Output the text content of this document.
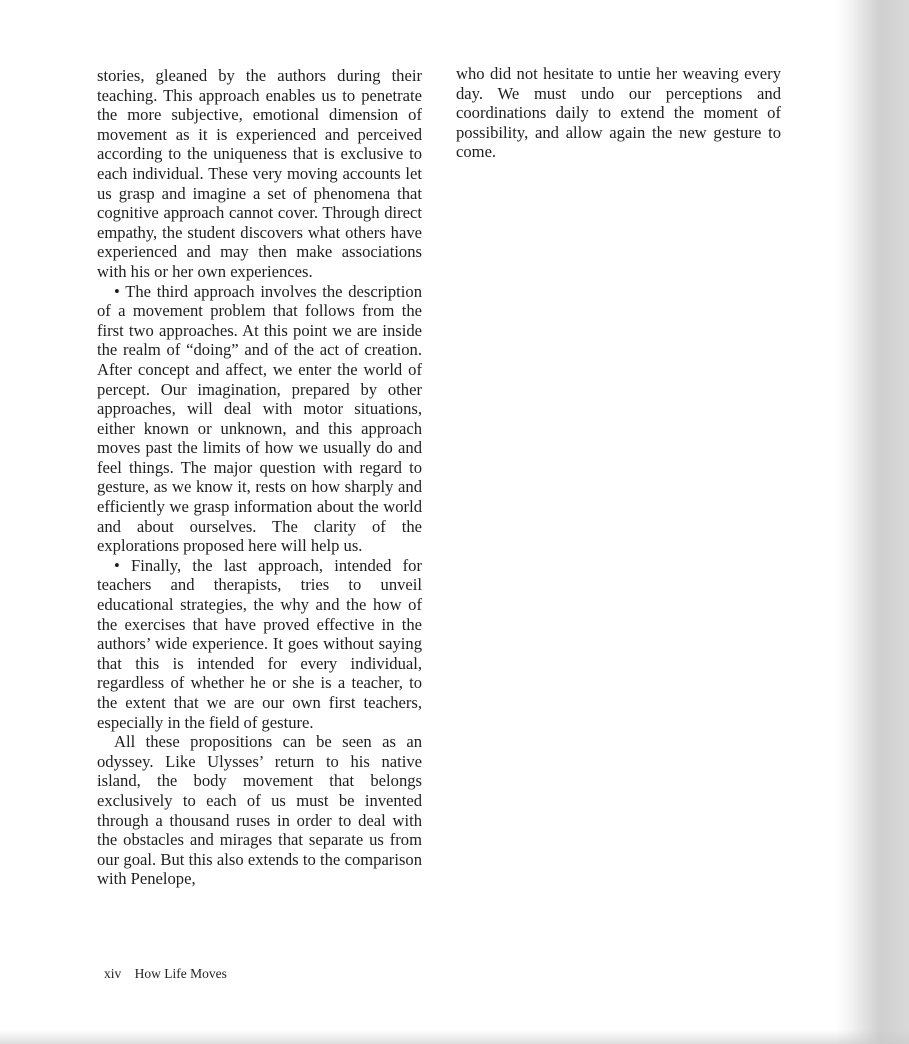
stories, gleaned by the authors during their teaching. This approach enables us to penetrate the more subjective, emotional dimension of movement as it is experienced and perceived according to the uniqueness that is exclusive to each individual. These very moving accounts let us grasp and imagine a set of phenomena that cognitive approach cannot cover. Through direct empathy, the student discovers what others have experienced and may then make associations with his or her own experiences.

• The third approach involves the description of a movement problem that follows from the first two approaches. At this point we are inside the realm of “doing” and of the act of creation. After concept and affect, we enter the world of percept. Our imagination, prepared by other approaches, will deal with motor situations, either known or unknown, and this approach moves past the limits of how we usually do and feel things. The major question with regard to gesture, as we know it, rests on how sharply and efficiently we grasp information about the world and about ourselves. The clarity of the explorations proposed here will help us.

• Finally, the last approach, intended for teachers and therapists, tries to unveil educational strategies, the why and the how of the exercises that have proved effective in the authors’ wide experience. It goes without saying that this is intended for every individual, regardless of whether he or she is a teacher, to the extent that we are our own first teachers, especially in the field of gesture.

All these propositions can be seen as an odyssey. Like Ulysses’ return to his native island, the body movement that belongs exclusively to each of us must be invented through a thousand ruses in order to deal with the obstacles and mirages that separate us from our goal. But this also extends to the comparison with Penelope,

who did not hesitate to untie her weaving every day. We must undo our perceptions and coordinations daily to extend the moment of possibility, and allow again the new gesture to come.

xiv How Life Moves
